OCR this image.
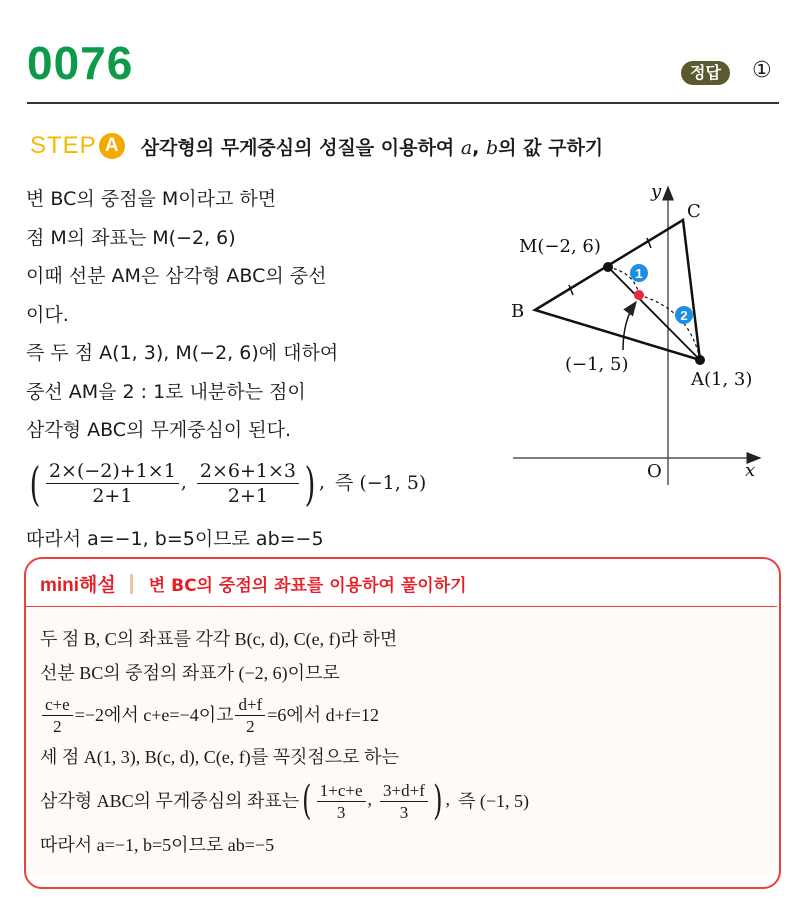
0076	정답	①
STEP A	삼각형의 무게중심의 성질을 이용하여 a, b의 값 구하기
변 BC의 중점을 M이라고 하면
점 M의 좌표는 M(−2, 6)
이때 선분 AM은 삼각형 ABC의 중선
이다.
즉 두 점 A(1, 3), M(−2, 6)에 대하여
중선 AM을 2 : 1로 내분하는 점이
삼각형 ABC의 무게중심이 된다.
( $\frac{2\times(-2)+1\times 1}{2+1}$ , $\frac{2\times 6+1\times 3}{2+1}$ ) , 즉 (−1, 5)
따라서 a=−1, b=5이므로 ab=−5
1
2
y
x
O
C
B
M(−2, 6)
(−1, 5)
A(1, 3)
mini해설 변 BC의 중점의 좌표를 이용하여 풀이하기
두 점 B, C의 좌표를 각각 B(c, d), C(e, f)라 하면
선분 BC의 중점의 좌표가 (−2, 6)이므로
$\frac{c+e}{2} =-2$에서 c+e=−4이고 $\frac{d+f}{2} =6$에서 d+f=12
세 점 A(1, 3), B(c, d), C(e, f)를 꼭짓점으로 하는
삼각형 ABC의 무게중심의 좌표는 ( $\frac{1+c+e}{3}$ , $\frac{3+d+f}{3}$ ) , 즉 (−1, 5)
따라서 a=−1, b=5이므로 ab=−5
